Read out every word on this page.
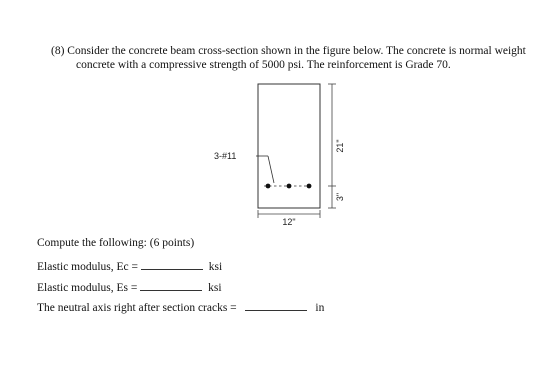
(8) Consider the concrete beam cross-section shown in the figure below. The concrete is normal weight
concrete with a compressive strength of 5000 psi. The reinforcement is Grade 70.
3-#11
21"
3"
12"
Compute the following: (6 points)
Elastic modulus, Ec =	ksi
Elastic modulus, Es =	ksi
The neutral axis right after section cracks =	in
